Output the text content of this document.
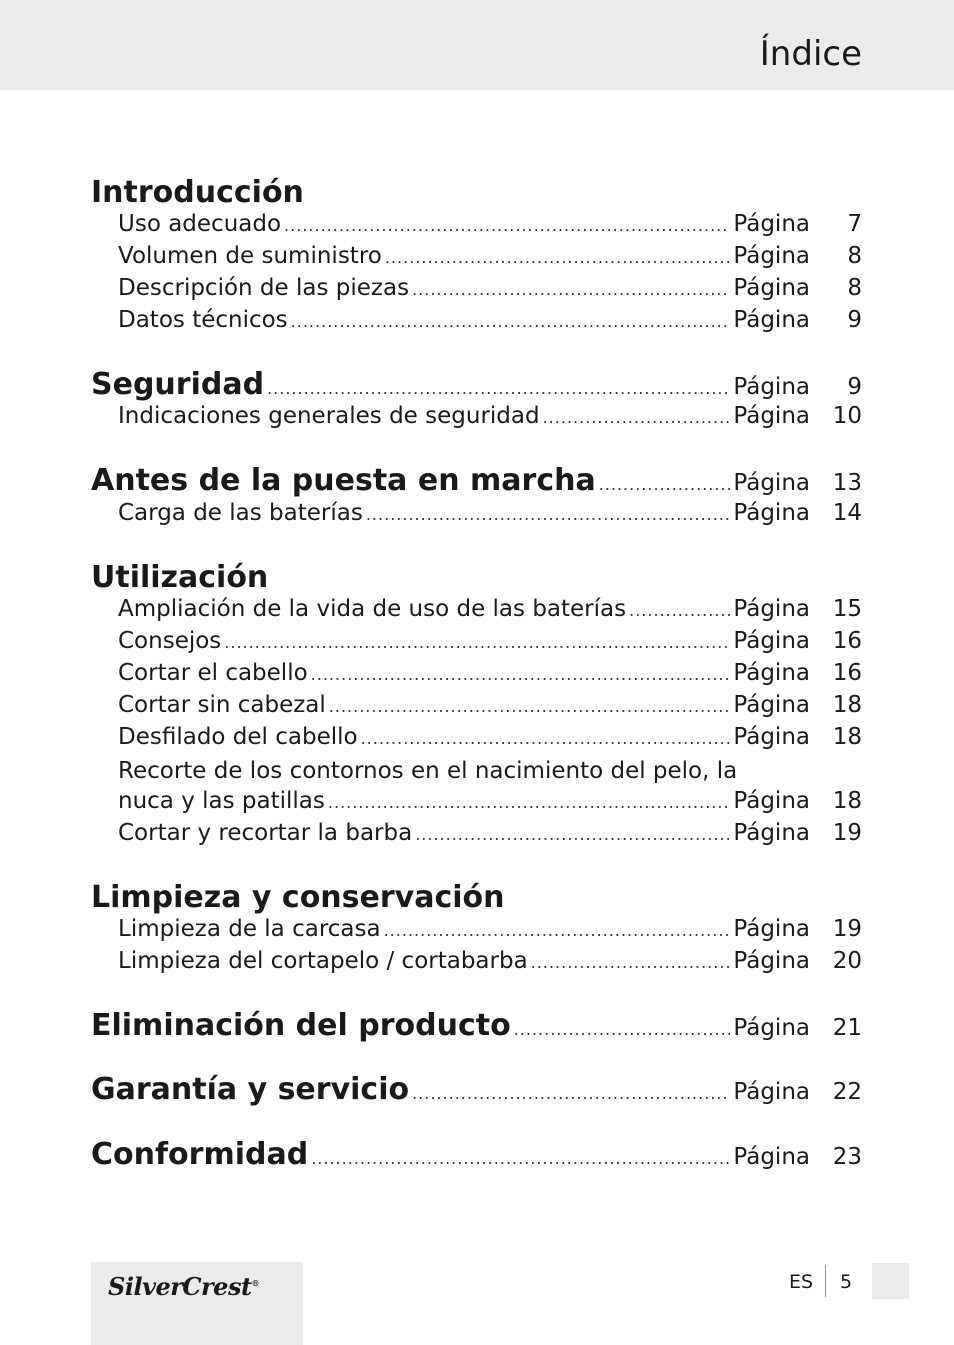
Índice
Introducción
Uso adecuado .....	Página	7
Volumen de suministro .....	Página	8
Descripción de las piezas .....	Página	8
Datos técnicos .....	Página	9
Seguridad .....	Página	9
Indicaciones generales de seguridad .....	Página 10
Antes de la puesta en marcha .....	Página 13
Carga de las baterías .....	Página 14
Utilización
Ampliación de la vida de uso de las baterías .....	Página 15
Consejos .....	Página 16
Cortar el cabello .....	Página 16
Cortar sin cabezal .....	Página 18
Desfilado del cabello .....	Página 18
Recorte de los contornos en el nacimiento del pelo, la
nuca y las patillas .....	Página 18
Cortar y recortar la barba .....	Página 19
Limpieza y conservación
Limpieza de la carcasa .....	Página 19
Limpieza del cortapelo / cortabarba .....	Página 20
Eliminación del producto .....	Página 21
Garantía y servicio .....	Página 22
Conformidad .....	Página 23
SilverCrest®	ES 5
